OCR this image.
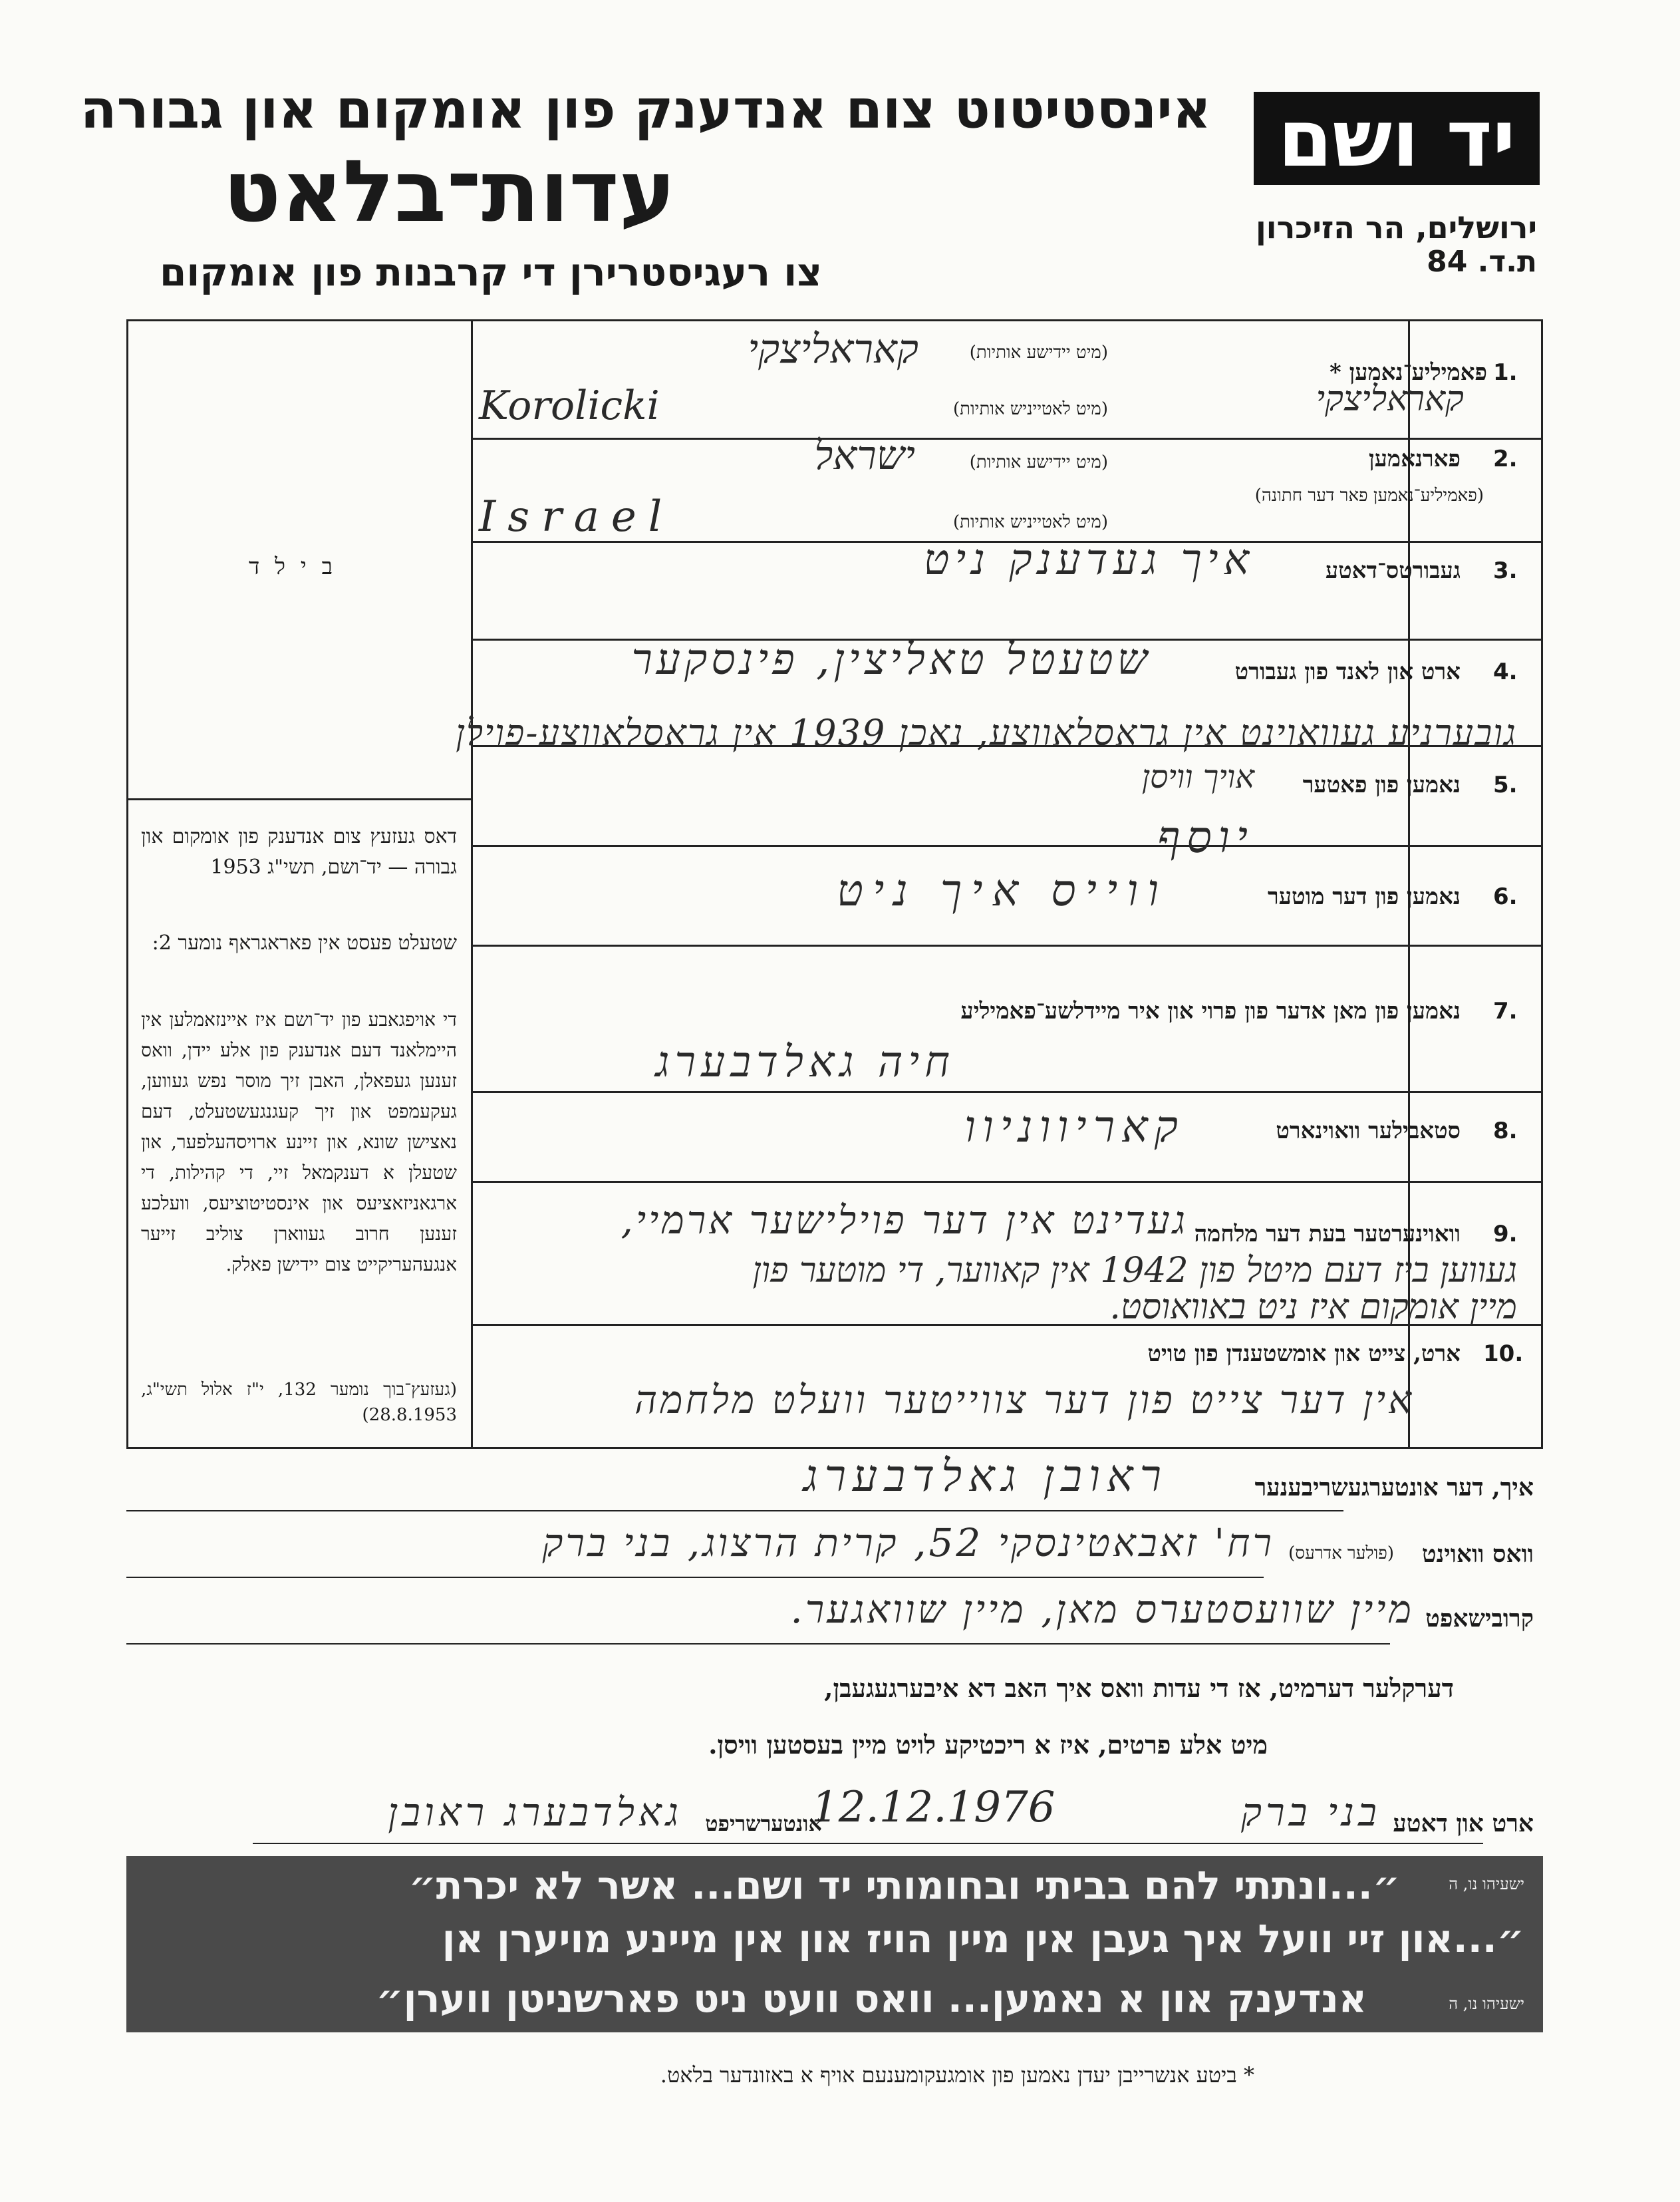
יד ושם
אינסטיטוט צום אנדענק פון אומקום און גבורה
עדות־בלאט
צו רעגיסטרירן די קרבנות פון אומקום
ירושלים, הר הזיכרון
ת.ד. 84
ב י ל ד
דאס געזעץ צום אנדענק פון אומקום און גבורה — יד־ושם, תשי"ג 1953
שטעלט פעסט אין פאראגראף נומער 2:
די אויפגאבע פון יד־ושם איז איינזאמלען אין היימלאנד דעם אנדענק פון אלע יידן, וואס זענען געפאלן, האבן זיך מוסר נפש געווען, געקעמפט און זיך קעגנגעשטעלט, דעם נאצישן שונא, און זיינע ארויסהעלפער, און שטעלן א דענקמאל זיי, די קהילות, די ארגאניזאציעס און אינסטיטוציעס, וועלכע זענען חרוב געווארן צוליב זייער אנגעהעריקייט צום יידישן פאלק.
(געזעץ־בוך נומער 132, י"ז אלול תשי"ג, 28.8.1953)
1.
פאמיליע־נאמען *
(מיט יידישע אותיות)
קאראליצקי
קאראליצקי
(מיט לאטייניש אותיות)
Korolicki
2.
פארנאמען
(פאמיליע־נאמען פאר דער חתונה)
(מיט יידישע אותיות)
ישראל
(מיט לאטייניש אותיות)
Israel
3.
געבורטס־דאטע
איך געדענק ניט
4.
ארט און לאנד פון געבורט
שטעטל טאליצין, פינסקער
גובערניע געוואוינט אין גראסלאווצע, נאכן 1939 אין גראסלאווצע-פוילן
5.
נאמען פון פאטער
אויך וויסן
יוסף
6.
נאמען פון דער מוטער
ווייס איך ניט
7.
נאמען פון מאן אדער פון פרוי און איר מיידלשע־פאמיליע
חיה גאלדבערג
8.
סטאבילער וואוינארט
קאריווניוו
9.
וואוינערטער בעת דער מלחמה
געדינט אין דער פוילישער ארמיי,
געווען ביז דעם מיטל פון 1942 אין קאווער, די מוטער פון
מיין אומקום איז ניט באוואוסט.
10.
ארט, צייט און אומשטענדן פון טויט
אין דער צייט פון דער צווייטער וועלט מלחמה
איך, דער אונטערגעשריבענער
ראובן גאלדבערג
וואס וואוינט
(פולער אדרעס)
רח' זאבאטינסקי 52, קרית הרצוג, בני ברק
קרובישאפט
מיין שוועסטערס מאן, מיין שוואגער.
דערקלער דערמיט, אז די עדות וואס איך האב דא איבערגעגעבן,
מיט אלע פרטים, איז א ריכטיקע לויט מיין בעסטען וויסן.
ארט און דאטע
בני ברק
12.12.1976
אונטערשריפט
גאלדבערג ראובן
״...ונתתי להם בביתי ובחומותי יד ושם... אשר לא יכרת״	ישעיהו נו, ה
״...און זיי וועל איך געבן אין מיין הויז און אין מיינע מויערן אן
אנדענק און א נאמען... וואס וועט ניט פארשניטן ווערן״	ישעיהו נו, ה
* ביטע אנשרייבן יעדן נאמען פון אומגעקומענעם אויף א באזונדער בלאט.
